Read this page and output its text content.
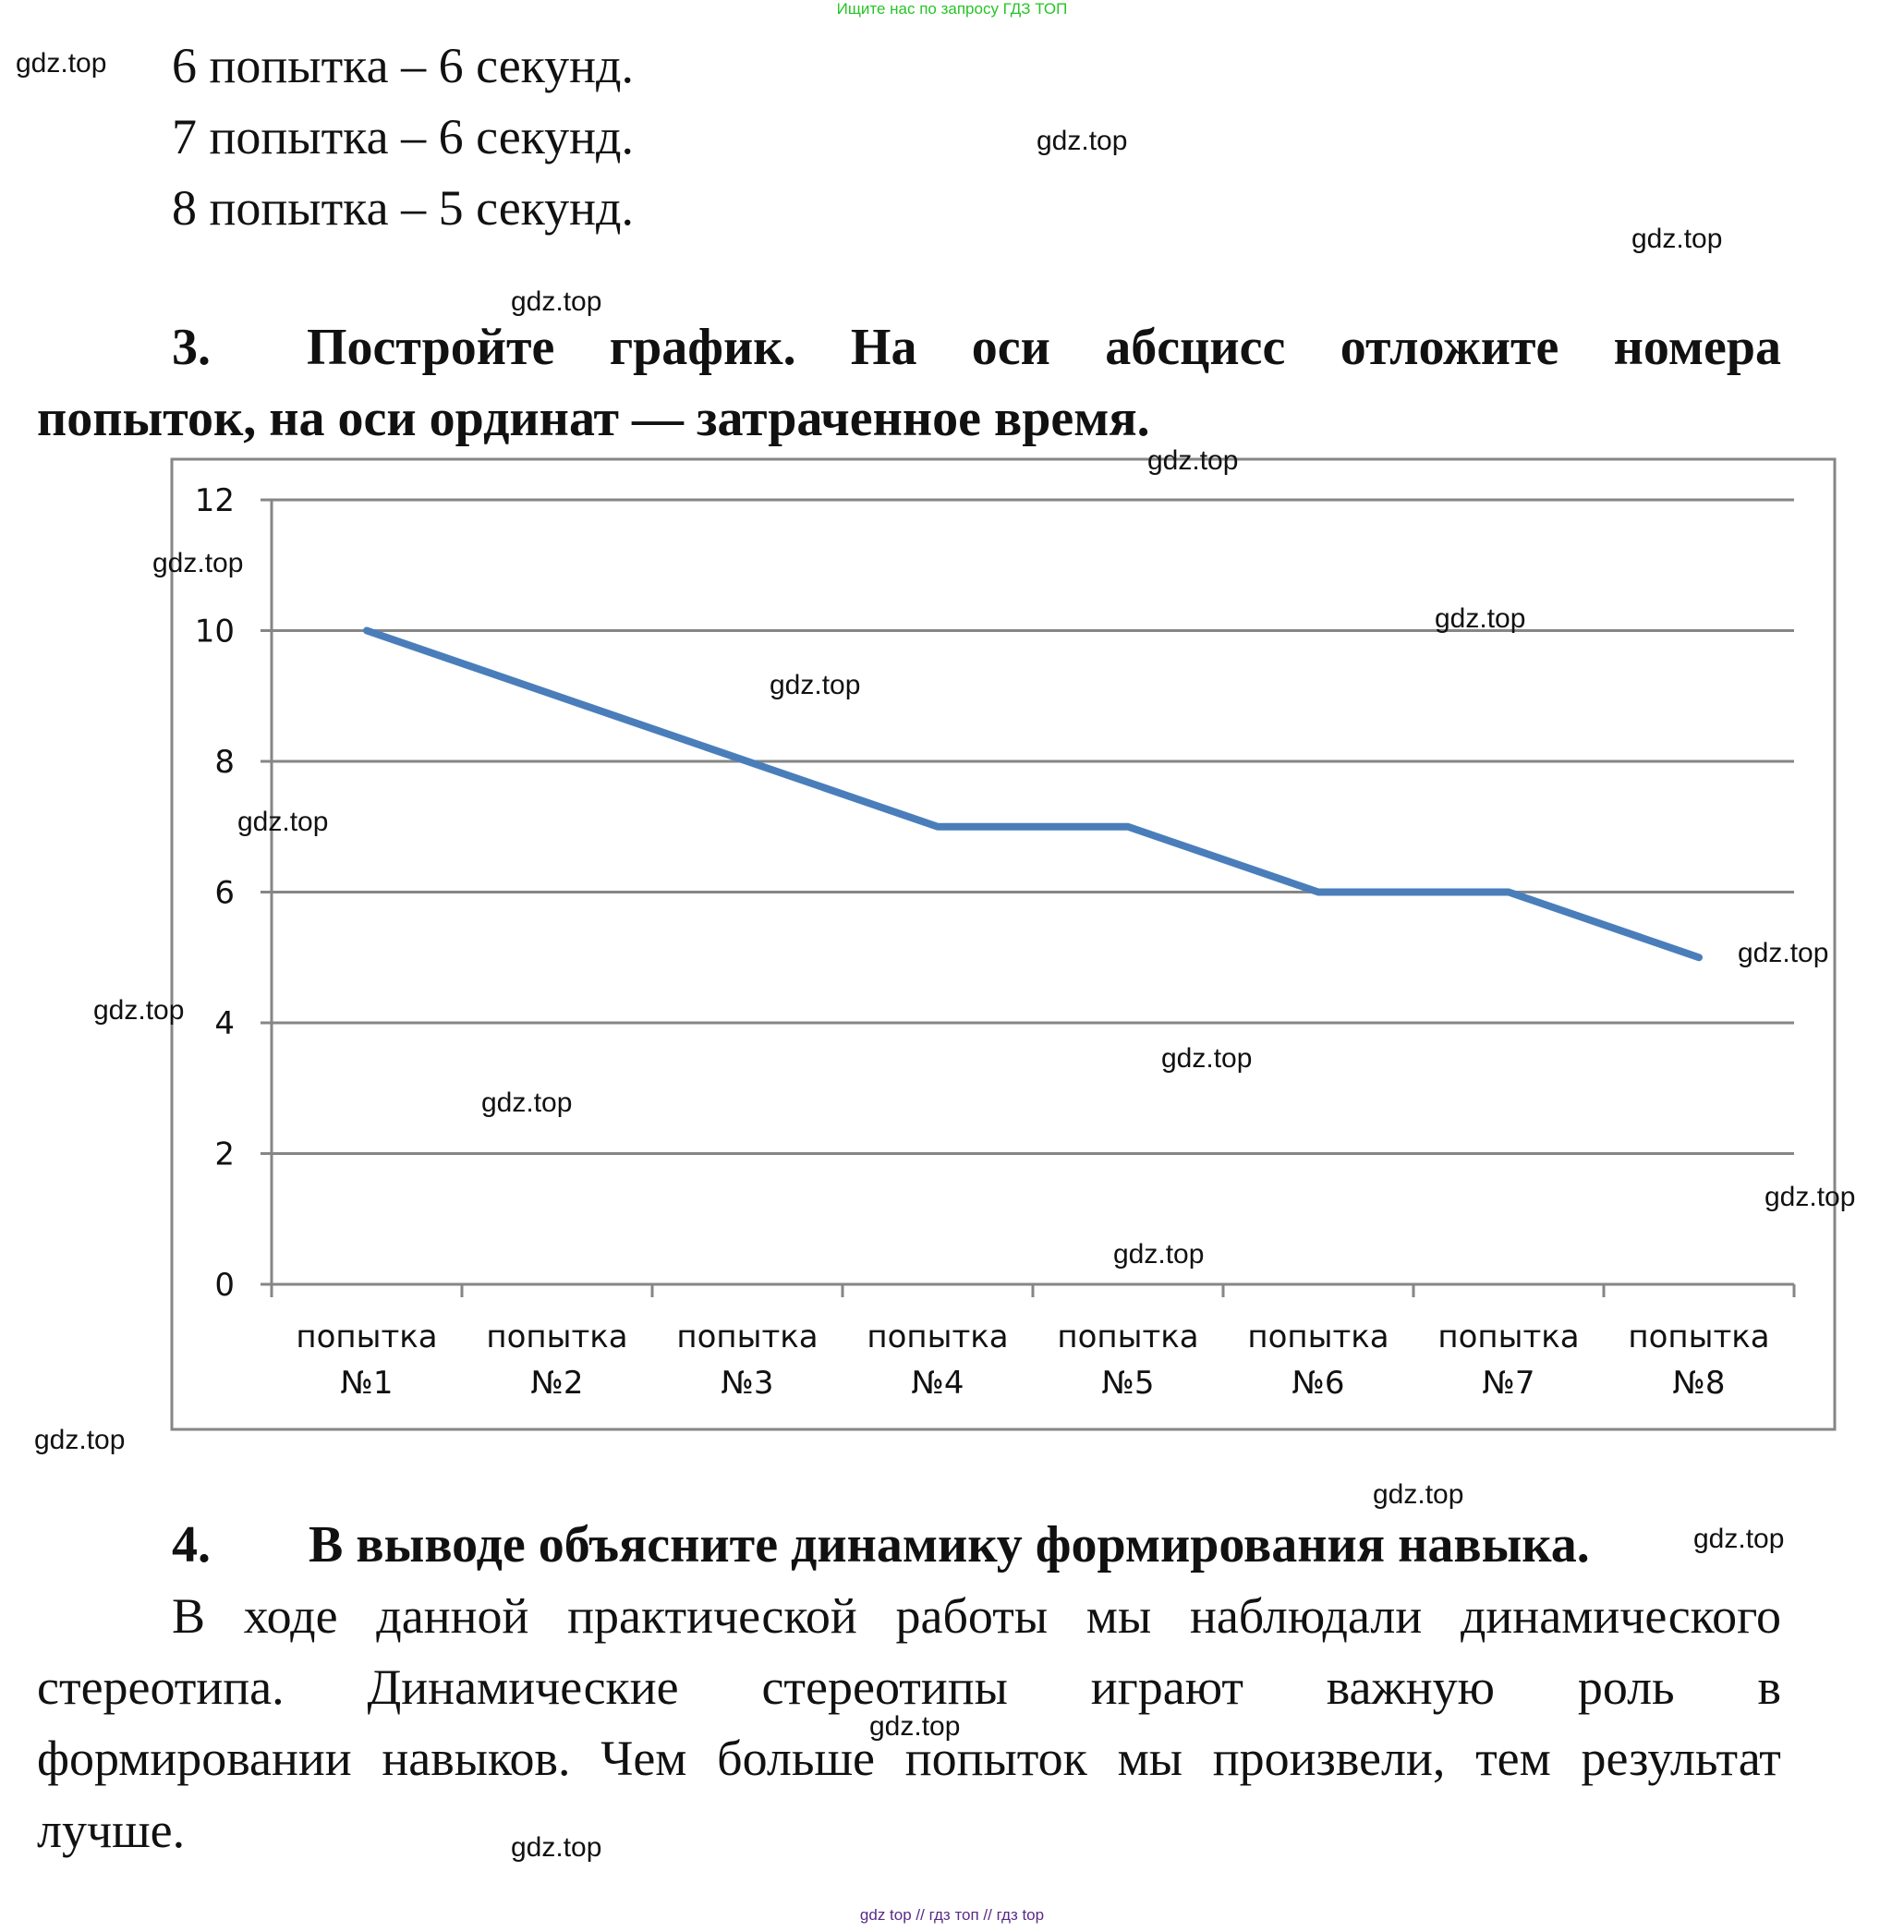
Ищите нас по запросу ГДЗ ТОП
6 попытка – 6 секунд.
7 попытка – 6 секунд.
8 попытка – 5 секунд.
3. Постройте график. На оси абсцисс отложите номера
попыток, на оси ординат — затраченное время.
0
2
4
6
8
10
12
попытка №1
попытка №2
попытка №3
попытка №4
попытка №5
попытка №6
попытка №7
попытка №8
4. В выводе объясните динамику формирования навыка.
В ходе данной практической работы мы наблюдали динамического
стереотипа. Динамические стереотипы играют важную роль в
формировании навыков. Чем больше попыток мы произвели, тем результат
лучше.
gdz.top
gdz.top
gdz.top
gdz.top
gdz.top
gdz.top
gdz.top
gdz.top
gdz.top
gdz.top
gdz.top
gdz.top
gdz.top
gdz.top
gdz.top
gdz.top
gdz.top
gdz.top
gdz.top
gdz.top
gdz top // гдз топ // гдз top
